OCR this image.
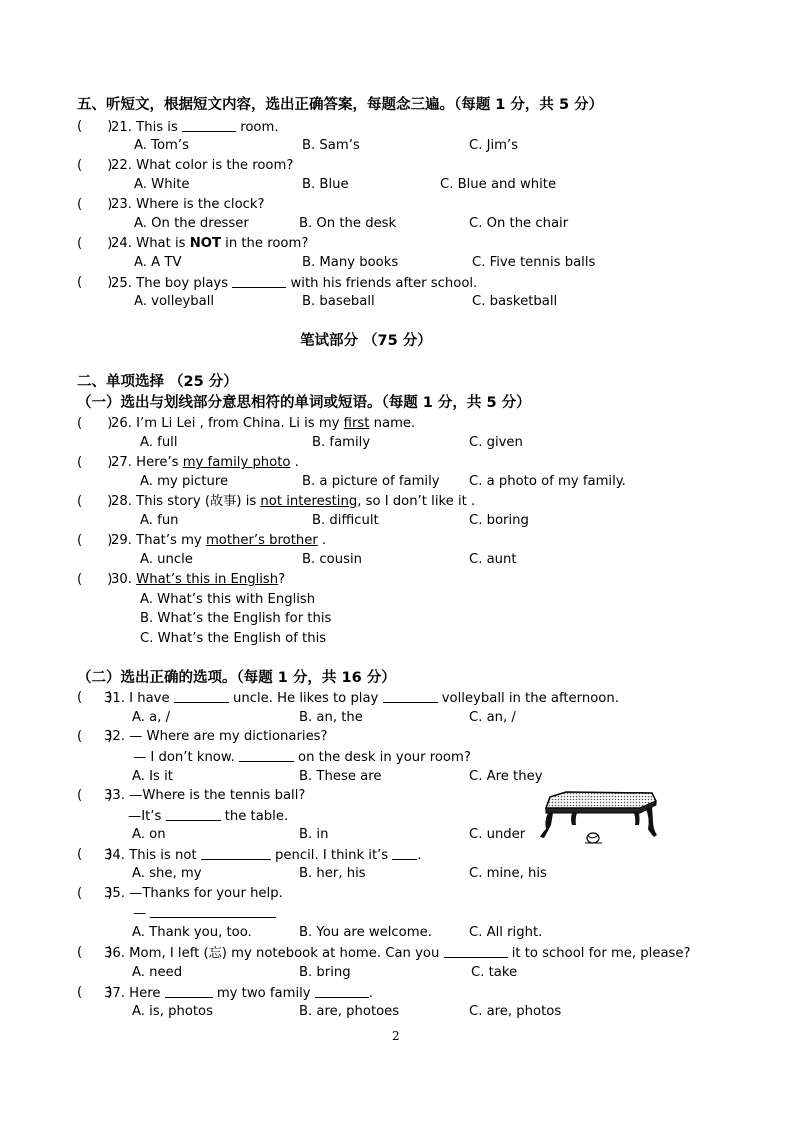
五、听短文，根据短文内容，选出正确答案，每题念三遍。（每题 1 分，共 5 分）
(      )
21. This is	room.
A. Tom’s	B. Sam’s	C. Jim’s
(      )
22. What color is the room?
A. White	B. Blue	C. Blue and white
(      )
23. Where is the clock?
A. On the dresser	B. On the desk	C. On the chair
(      )
24. What is NOT in the room?
A. A TV	B. Many books	C. Five tennis balls
(      )
25. The boy plays	with his friends after school.
A. volleyball	B. baseball	C. basketball
笔试部分 （75 分）
二、单项选择 （25 分）
（一）选出与划线部分意思相符的单词或短语。（每题 1 分，共 5 分）
(      )
26. I’m Li Lei , from China. Li is my first name.
A. full	B. family	C. given
(      )
27. Here’s my family photo .
A. my picture	B. a picture of family C. a photo of my family.
(      )
28. This story (故事) is not interesting, so I don’t like it .
A. fun	B. difficult	C. boring
(      )
29. That’s my mother’s brother .
A. uncle	B. cousin	C. aunt
(      )
30. What’s this in English?
A. What’s this with English
B. What’s the English for this
C. What’s the English of this
（二）选出正确的选项。（每题 1 分，共 16 分）
(      )
31. I have	uncle. He likes to play	volleyball in the afternoon.
A. a, /	B. an, the	C. an, /
(      )
32. — Where are my dictionaries?
— I don’t know.	on the desk in your room?
A. Is it	B. These are	C. Are they
(      )
33. —Where is the tennis ball?
—It’s	the table.
A. on	B. in	C. under
(      )
34. This is not	pencil. I think it’s .
A. she, my	B. her, his	C. mine, his
(      )
35. —Thanks for your help.
—
A. Thank you, too.	B. You are welcome.	C. All right.
(      )
36. Mom, I left (忘) my notebook at home. Can you	it to school for me, please?
A. need	B. bring	C. take
(      )
37. Here	my two family	.
A. is, photos	B. are, photoes	C. are, photos
2
